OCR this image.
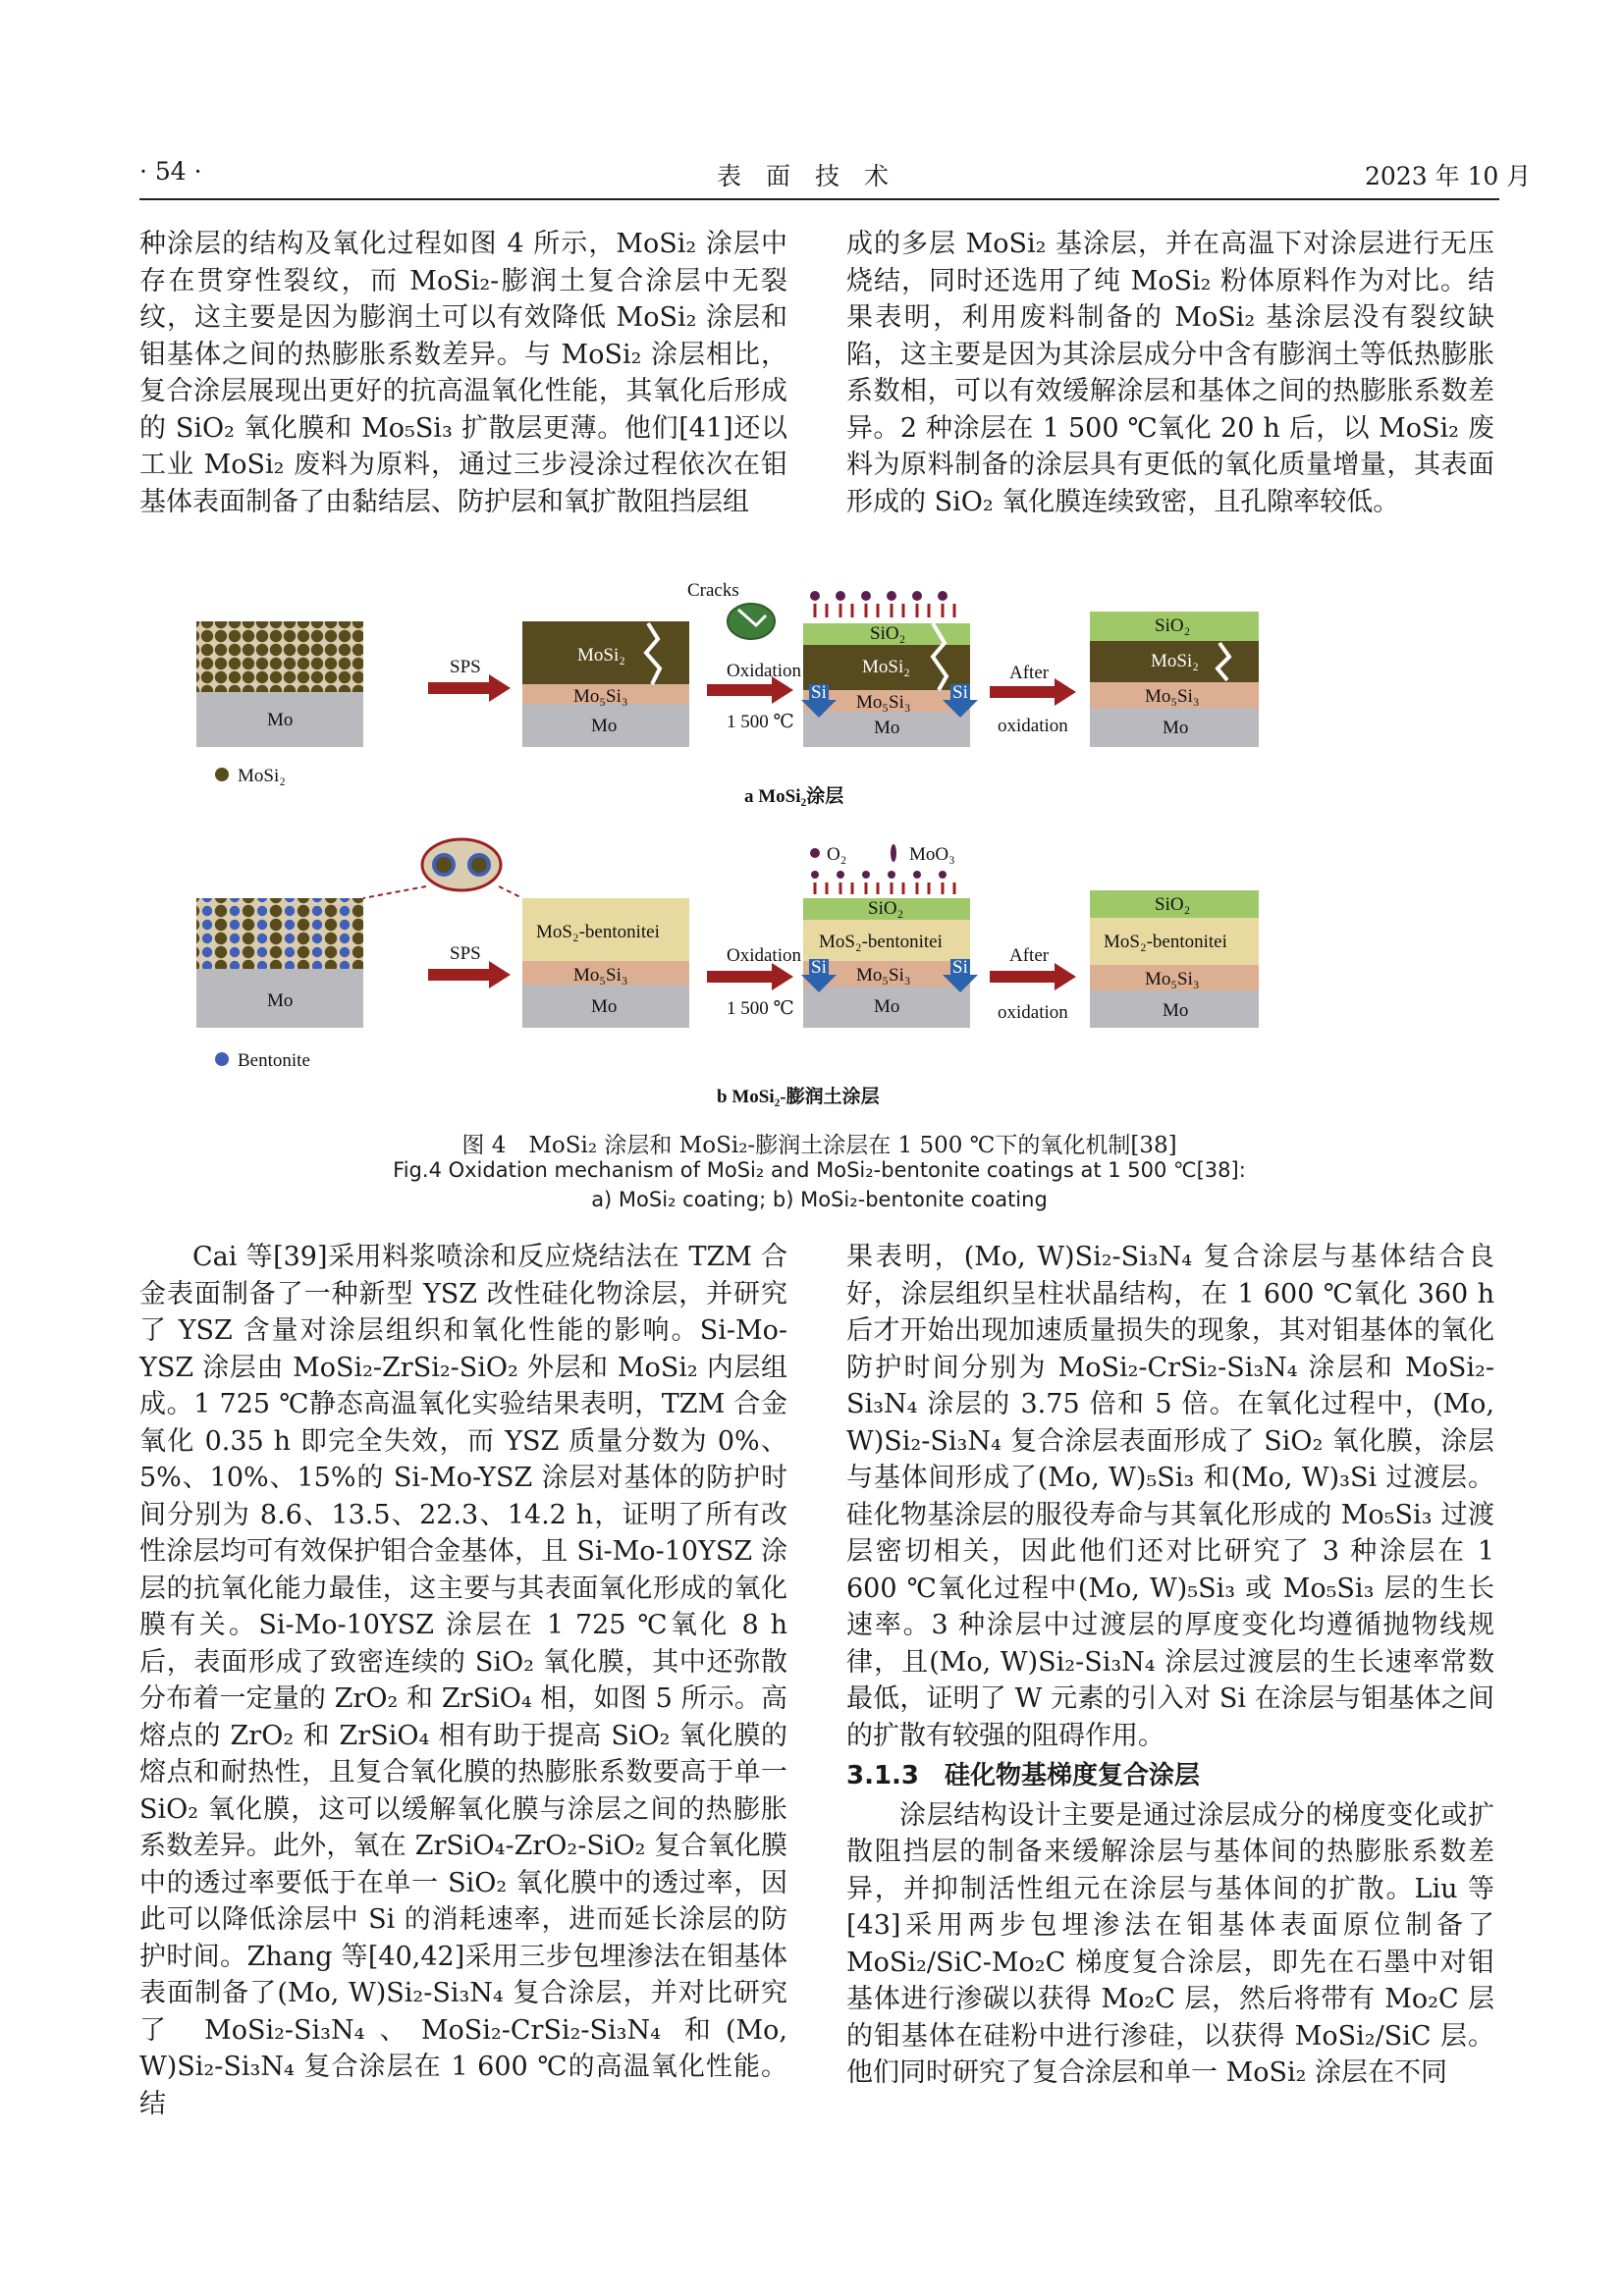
· 54 ·	表　面　技　术	2023 年 10 月

种涂层的结构及氧化过程如图 4 所示，MoSi₂ 涂层中存在贯穿性裂纹，而 MoSi₂-膨润土复合涂层中无裂纹，这主要是因为膨润土可以有效降低 MoSi₂ 涂层和钼基体之间的热膨胀系数差异。与 MoSi₂ 涂层相比，复合涂层展现出更好的抗高温氧化性能，其氧化后形成的 SiO₂ 氧化膜和 Mo₅Si₃ 扩散层更薄。他们[41]还以工业 MoSi₂ 废料为原料，通过三步浸涂过程依次在钼基体表面制备了由黏结层、防护层和氧扩散阻挡层组

成的多层 MoSi₂ 基涂层，并在高温下对涂层进行无压烧结，同时还选用了纯 MoSi₂ 粉体原料作为对比。结果表明，利用废料制备的 MoSi₂ 基涂层没有裂纹缺陷，这主要是因为其涂层成分中含有膨润土等低热膨胀系数相，可以有效缓解涂层和基体之间的热膨胀系数差异。2 种涂层在 1 500 ℃氧化 20 h 后，以 MoSi₂ 废料为原料制备的涂层具有更低的氧化质量增量，其表面形成的 SiO₂ 氧化膜连续致密，且孔隙率较低。

Mo
MoSi₂
SPS
MoSi₂
Mo₅Si₃
Mo
Cracks
Oxidation
1 500 ℃
SiO₂
MoSi₂
Mo₅Si₃
Mo
Si	Si
After
oxidation
SiO₂
MoSi₂
Mo₅Si₃
Mo
a MoSi₂涂层
Mo
Bentonite
SPS
MoS₂-bentonitei
Mo₅Si₃
Mo
Oxidation
1 500 ℃
O₂	MoO₃
SiO₂
MoS₂-bentonitei
Mo₅Si₃
Mo
Si	Si
After
oxidation
SiO₂
MoS₂-bentonitei
Mo₅Si₃
Mo
b MoSi₂-膨润土涂层
图 4　MoSi₂ 涂层和 MoSi₂-膨润土涂层在 1 500 ℃下的氧化机制[38]
Fig.4 Oxidation mechanism of MoSi₂ and MoSi₂-bentonite coatings at 1 500 ℃[38]:
a) MoSi₂ coating; b) MoSi₂-bentonite coating

Cai 等[39]采用料浆喷涂和反应烧结法在 TZM 合金表面制备了一种新型 YSZ 改性硅化物涂层，并研究了 YSZ 含量对涂层组织和氧化性能的影响。Si-Mo-YSZ 涂层由 MoSi₂-ZrSi₂-SiO₂ 外层和 MoSi₂ 内层组成。1 725 ℃静态高温氧化实验结果表明，TZM 合金氧化 0.35 h 即完全失效，而 YSZ 质量分数为 0%、5%、10%、15%的 Si-Mo-YSZ 涂层对基体的防护时间分别为 8.6、13.5、22.3、14.2 h，证明了所有改性涂层均可有效保护钼合金基体，且 Si-Mo-10YSZ 涂层的抗氧化能力最佳，这主要与其表面氧化形成的氧化膜有关。Si-Mo-10YSZ 涂层在 1 725 ℃氧化 8 h 后，表面形成了致密连续的 SiO₂ 氧化膜，其中还弥散分布着一定量的 ZrO₂ 和 ZrSiO₄ 相，如图 5 所示。高熔点的 ZrO₂ 和 ZrSiO₄ 相有助于提高 SiO₂ 氧化膜的熔点和耐热性，且复合氧化膜的热膨胀系数要高于单一 SiO₂ 氧化膜，这可以缓解氧化膜与涂层之间的热膨胀系数差异。此外，氧在 ZrSiO₄-ZrO₂-SiO₂ 复合氧化膜中的透过率要低于在单一 SiO₂ 氧化膜中的透过率，因此可以降低涂层中 Si 的消耗速率，进而延长涂层的防护时间。Zhang 等[40,42]采用三步包埋渗法在钼基体表面制备了(Mo, W)Si₂-Si₃N₄ 复合涂层，并对比研究了 MoSi₂-Si₃N₄、MoSi₂-CrSi₂-Si₃N₄ 和(Mo, W)Si₂-Si₃N₄ 复合涂层在 1 600 ℃的高温氧化性能。结

果表明，(Mo, W)Si₂-Si₃N₄ 复合涂层与基体结合良好，涂层组织呈柱状晶结构，在 1 600 ℃氧化 360 h 后才开始出现加速质量损失的现象，其对钼基体的氧化防护时间分别为 MoSi₂-CrSi₂-Si₃N₄ 涂层和 MoSi₂-Si₃N₄ 涂层的 3.75 倍和 5 倍。在氧化过程中，(Mo, W)Si₂-Si₃N₄ 复合涂层表面形成了 SiO₂ 氧化膜，涂层与基体间形成了(Mo, W)₅Si₃ 和(Mo, W)₃Si 过渡层。硅化物基涂层的服役寿命与其氧化形成的 Mo₅Si₃ 过渡层密切相关，因此他们还对比研究了 3 种涂层在 1 600 ℃氧化过程中(Mo, W)₅Si₃ 或 Mo₅Si₃ 层的生长速率。3 种涂层中过渡层的厚度变化均遵循抛物线规律，且(Mo, W)Si₂-Si₃N₄ 涂层过渡层的生长速率常数最低，证明了 W 元素的引入对 Si 在涂层与钼基体之间的扩散有较强的阻碍作用。

3.1.3　硅化物基梯度复合涂层

涂层结构设计主要是通过涂层成分的梯度变化或扩散阻挡层的制备来缓解涂层与基体间的热膨胀系数差异，并抑制活性组元在涂层与基体间的扩散。Liu 等[43]采用两步包埋渗法在钼基体表面原位制备了 MoSi₂/SiC-Mo₂C 梯度复合涂层，即先在石墨中对钼基体进行渗碳以获得 Mo₂C 层，然后将带有 Mo₂C 层的钼基体在硅粉中进行渗硅，以获得 MoSi₂/SiC 层。他们同时研究了复合涂层和单一 MoSi₂ 涂层在不同
